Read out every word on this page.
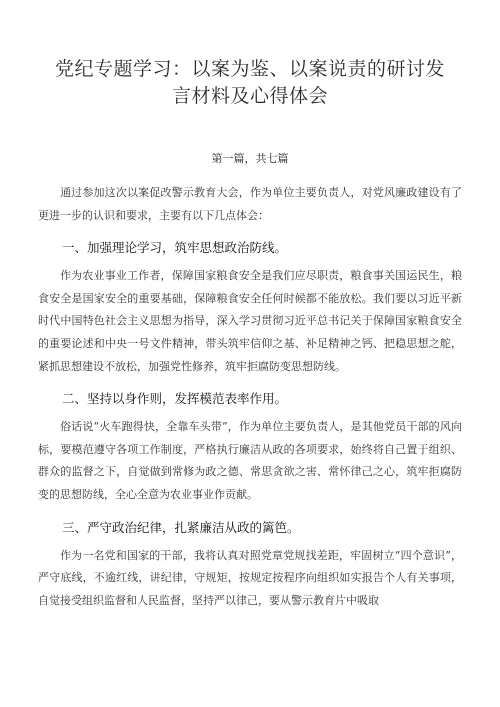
党纪专题学习：以案为鉴、以案说责的研讨发言材料及心得体会
第一篇，共七篇

通过参加这次以案促改警示教育大会，作为单位主要负责人，对党风廉政建设有了更进一步的认识和要求，主要有以下几点体会：

一、加强理论学习，筑牢思想政治防线。

作为农业事业工作者，保障国家粮食安全是我们应尽职责，粮食事关国运民生，粮食安全是国家安全的重要基础，保障粮食安全任何时候都不能放松。我们要以习近平新时代中国特色社会主义思想为指导，深入学习贯彻习近平总书记关于保障国家粮食安全的重要论述和中央一号文件精神，带头筑牢信仰之基、补足精神之钙、把稳思想之舵，紧抓思想建设不放松，加强党性修养，筑牢拒腐防变思想防线。

二、坚持以身作则，发挥模范表率作用。

俗话说“火车跑得快，全靠车头带”，作为单位主要负责人，是其他党员干部的风向标，要模范遵守各项工作制度，严格执行廉洁从政的各项要求，始终将自己置于组织、群众的监督之下，自觉做到常修为政之德、常思贪欲之害、常怀律己之心，筑牢拒腐防变的思想防线，全心全意为农业事业作贡献。

三、严守政治纪律，扎紧廉洁从政的篱笆。

作为一名党和国家的干部，我将认真对照党章党规找差距，牢固树立“四个意识”，严守底线，不逾红线，讲纪律，守规矩，按规定按程序向组织如实报告个人有关事项，自觉接受组织监督和人民监督，坚持严以律己，要从警示教育片中吸取
